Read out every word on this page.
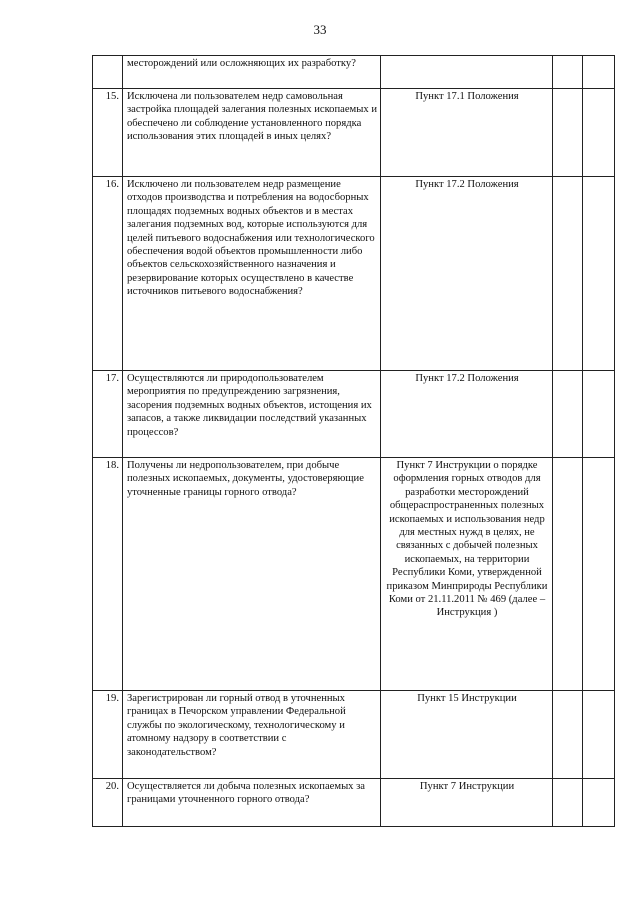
33
	месторождений или осложняющих их разработку?			
15.	Исключена ли пользователем недр самовольная застройка площадей залегания полезных ископаемых и обеспечено ли соблюдение установленного порядка использования этих площадей в иных целях?	Пункт 17.1 Положения		
16.	Исключено ли пользователем недр размещение отходов производства и потребления на водосборных площадях подземных водных объектов и в местах залегания подземных вод, которые используются для целей питьевого водоснабжения или технологического обеспечения водой объектов промышленности либо объектов сельскохозяйственного назначения и резервирование которых осуществлено в качестве источников питьевого водоснабжения?	Пункт 17.2 Положения		
17.	Осуществляются ли природопользователем мероприятия по предупреждению загрязнения, засорения подземных водных объектов, истощения их запасов, а также ликвидации последствий указанных процессов?	Пункт 17.2 Положения		
18.	Получены ли недропользователем, при добыче полезных ископаемых, документы, удостоверяющие уточненные границы горного отвода?	Пункт 7 Инструкции о порядке оформления горных отводов для разработки месторождений общераспространенных полезных ископаемых и использования недр для местных нужд в целях, не связанных с добычей полезных ископаемых, на территории Республики Коми, утвержденной приказом Минприроды Республики Коми от 21.11.2011 № 469 (далее – Инструкция )		
19.	Зарегистрирован ли горный отвод в уточненных границах в Печорском управлении Федеральной службы по экологическому, технологическому и атомному надзору в соответствии с законодательством?	Пункт 15 Инструкции		
20.	Осуществляется ли добыча полезных ископаемых за границами уточненного горного отвода?	Пункт 7 Инструкции		
